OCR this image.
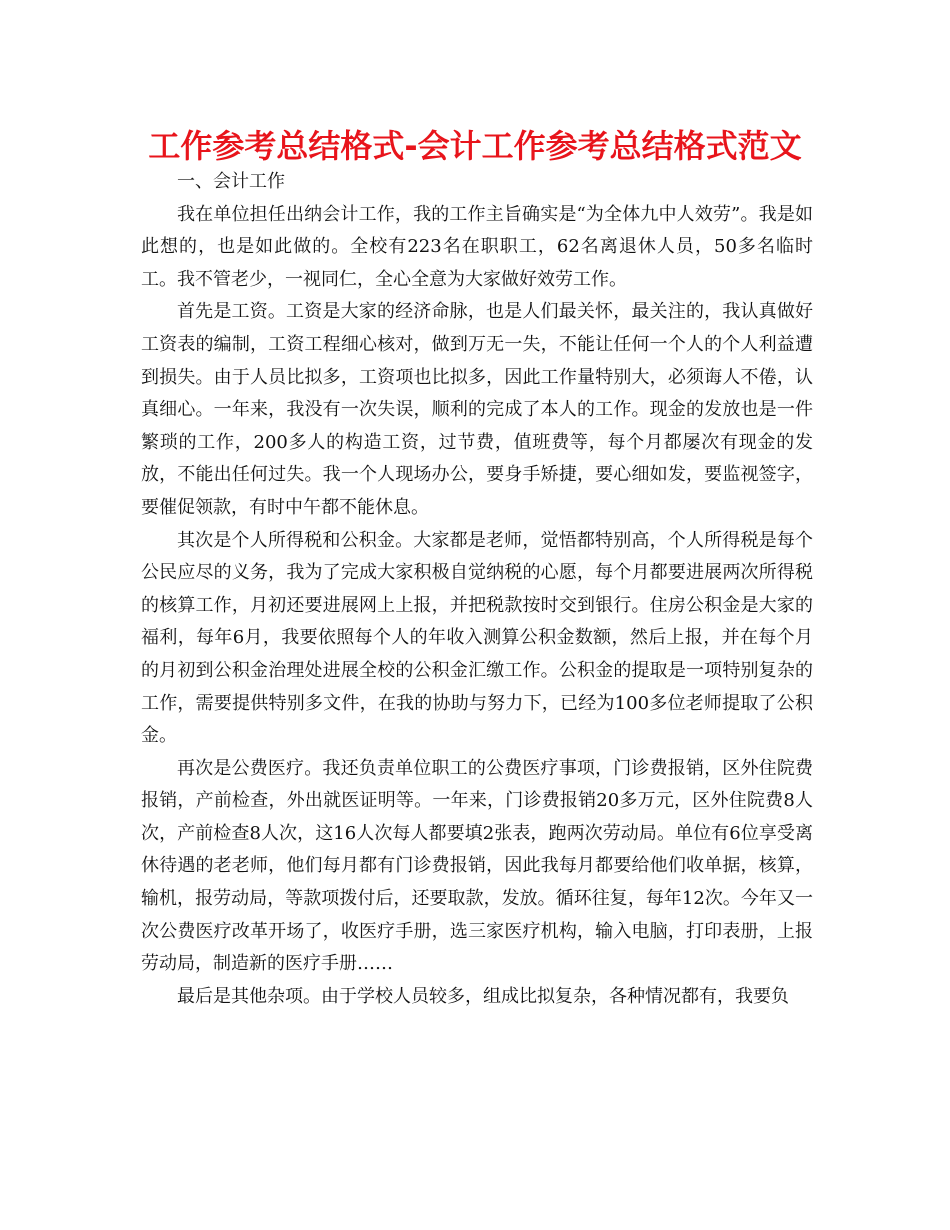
工作参考总结格式-会计工作参考总结格式范文

一、会计工作

我在单位担任出纳会计工作，我的工作主旨确实是“为全体九中人效劳”。我是如此想的，也是如此做的。全校有223名在职职工，62名离退休人员，50多名临时工。我不管老少，一视同仁，全心全意为大家做好效劳工作。

首先是工资。工资是大家的经济命脉，也是人们最关怀，最关注的，我认真做好工资表的编制，工资工程细心核对，做到万无一失，不能让任何一个人的个人利益遭到损失。由于人员比拟多，工资项也比拟多，因此工作量特别大，必须诲人不倦，认真细心。一年来，我没有一次失误，顺利的完成了本人的工作。现金的发放也是一件繁琐的工作，200多人的构造工资，过节费，值班费等，每个月都屡次有现金的发放，不能出任何过失。我一个人现场办公，要身手矫捷，要心细如发，要监视签字，要催促领款，有时中午都不能休息。

其次是个人所得税和公积金。大家都是老师，觉悟都特别高，个人所得税是每个公民应尽的义务，我为了完成大家积极自觉纳税的心愿，每个月都要进展两次所得税的核算工作，月初还要进展网上上报，并把税款按时交到银行。住房公积金是大家的福利，每年6月，我要依照每个人的年收入测算公积金数额，然后上报，并在每个月的月初到公积金治理处进展全校的公积金汇缴工作。公积金的提取是一项特别复杂的工作，需要提供特别多文件，在我的协助与努力下，已经为100多位老师提取了公积金。

再次是公费医疗。我还负责单位职工的公费医疗事项，门诊费报销，区外住院费报销，产前检查，外出就医证明等。一年来，门诊费报销20多万元，区外住院费8人次，产前检查8人次，这16人次每人都要填2张表，跑两次劳动局。单位有6位享受离休待遇的老老师，他们每月都有门诊费报销，因此我每月都要给他们收单据，核算，输机，报劳动局，等款项拨付后，还要取款，发放。循环往复，每年12次。今年又一次公费医疗改革开场了，收医疗手册，选三家医疗机构，输入电脑，打印表册，上报劳动局，制造新的医疗手册……

最后是其他杂项。由于学校人员较多，组成比拟复杂，各种情况都有，我要负
